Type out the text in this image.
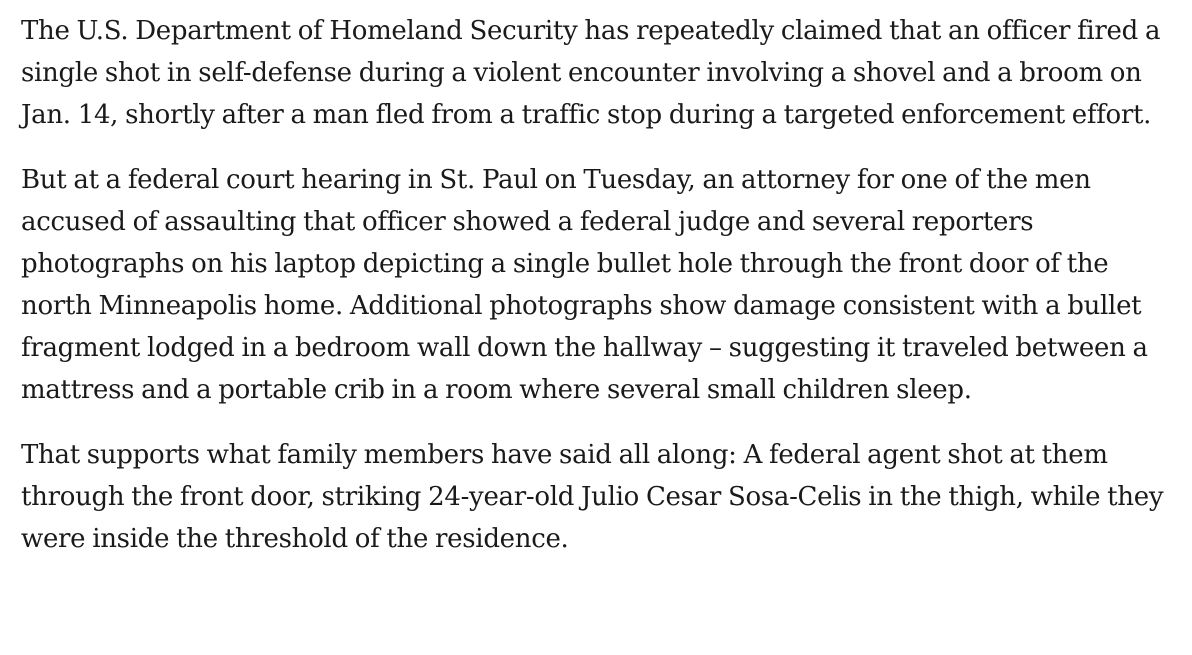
The U.S. Department of Homeland Security has repeatedly claimed that an officer fired a single shot in self-defense during a violent encounter involving a shovel and a broom on Jan. 14, shortly after a man fled from a traffic stop during a targeted enforcement effort.

But at a federal court hearing in St. Paul on Tuesday, an attorney for one of the men accused of assaulting that officer showed a federal judge and several reporters photographs on his laptop depicting a single bullet hole through the front door of the north Minneapolis home. Additional photographs show damage consistent with a bullet fragment lodged in a bedroom wall down the hallway – suggesting it traveled between a mattress and a portable crib in a room where several small children sleep.

That supports what family members have said all along: A federal agent shot at them through the front door, striking 24-year-old Julio Cesar Sosa-Celis in the thigh, while they were inside the threshold of the residence.
